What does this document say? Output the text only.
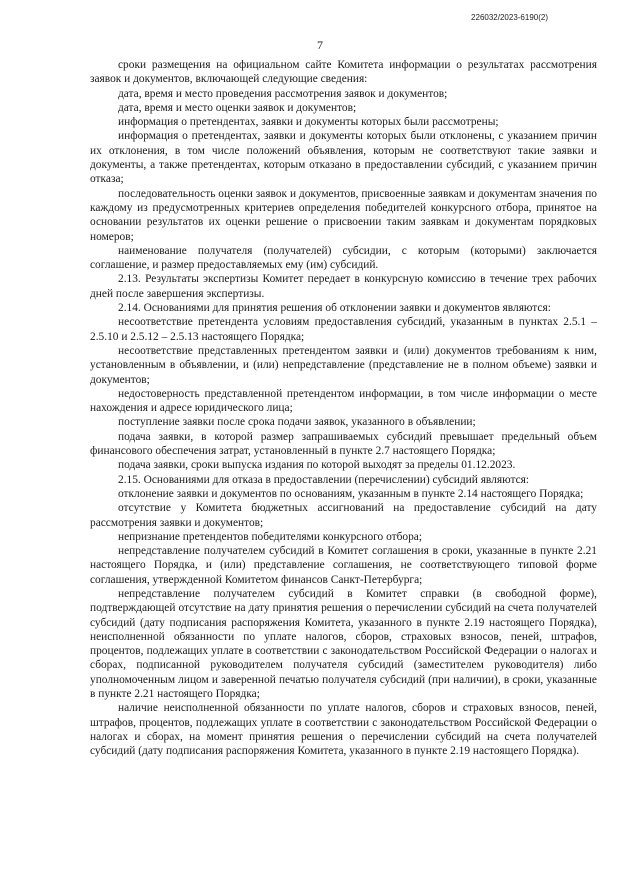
226032/2023-6190(2)
7

сроки размещения на официальном сайте Комитета информации о результатах рассмотрения заявок и документов, включающей следующие сведения:

дата, время и место проведения рассмотрения заявок и документов;

дата, время и место оценки заявок и документов;

информация о претендентах, заявки и документы которых были рассмотрены;

информация о претендентах, заявки и документы которых были отклонены, с указанием причин их отклонения, в том числе положений объявления, которым не соответствуют такие заявки и документы, а также претендентах, которым отказано в предоставлении субсидий, с указанием причин отказа;

последовательность оценки заявок и документов, присвоенные заявкам и документам значения по каждому из предусмотренных критериев определения победителей конкурсного отбора, принятое на основании результатов их оценки решение о присвоении таким заявкам и документам порядковых номеров;

наименование получателя (получателей) субсидии, с которым (которыми) заключается соглашение, и размер предоставляемых ему (им) субсидий.

2.13. Результаты экспертизы Комитет передает в конкурсную комиссию в течение трех рабочих дней после завершения экспертизы.

2.14. Основаниями для принятия решения об отклонении заявки и документов являются:

несоответствие претендента условиям предоставления субсидий, указанным в пунктах 2.5.1 – 2.5.10 и 2.5.12 – 2.5.13 настоящего Порядка;

несоответствие представленных претендентом заявки и (или) документов требованиям к ним, установленным в объявлении, и (или) непредставление (представление не в полном объеме) заявки и документов;

недостоверность представленной претендентом информации, в том числе информации о месте нахождения и адресе юридического лица;

поступление заявки после срока подачи заявок, указанного в объявлении;

подача заявки, в которой размер запрашиваемых субсидий превышает предельный объем финансового обеспечения затрат, установленный в пункте 2.7 настоящего Порядка;

подача заявки, сроки выпуска издания по которой выходят за пределы 01.12.2023.

2.15. Основаниями для отказа в предоставлении (перечислении) субсидий являются:

отклонение заявки и документов по основаниям, указанным в пункте 2.14 настоящего Порядка;

отсутствие у Комитета бюджетных ассигнований на предоставление субсидий на дату рассмотрения заявки и документов;

непризнание претендентов победителями конкурсного отбора;

непредставление получателем субсидий в Комитет соглашения в сроки, указанные в пункте 2.21 настоящего Порядка, и (или) представление соглашения, не соответствующего типовой форме соглашения, утвержденной Комитетом финансов Санкт-Петербурга;

непредставление получателем субсидий в Комитет справки (в свободной форме), подтверждающей отсутствие на дату принятия решения о перечислении субсидий на счета получателей субсидий (дату подписания распоряжения Комитета, указанного в пункте 2.19 настоящего Порядка), неисполненной обязанности по уплате налогов, сборов, страховых взносов, пеней, штрафов, процентов, подлежащих уплате в соответствии с законодательством Российской Федерации о налогах и сборах, подписанной руководителем получателя субсидий (заместителем руководителя) либо уполномоченным лицом и заверенной печатью получателя субсидий (при наличии), в сроки, указанные в пункте 2.21 настоящего Порядка;

наличие неисполненной обязанности по уплате налогов, сборов и страховых взносов, пеней, штрафов, процентов, подлежащих уплате в соответствии с законодательством Российской Федерации о налогах и сборах, на момент принятия решения о перечислении субсидий на счета получателей субсидий (дату подписания распоряжения Комитета, указанного в пункте 2.19 настоящего Порядка).
